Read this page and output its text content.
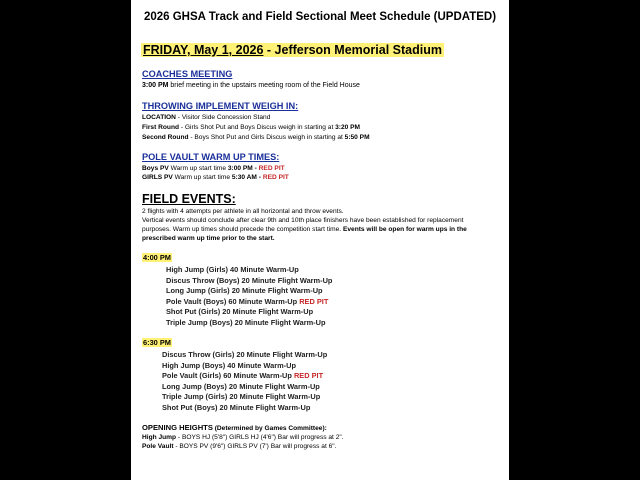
2026 GHSA Track and Field Sectional Meet Schedule (UPDATED)
FRIDAY, May 1, 2026 - Jefferson Memorial Stadium
COACHES MEETING
3:00 PM brief meeting in the upstairs meeting room of the Field House
THROWING IMPLEMENT WEIGH IN:
LOCATION - Visitor Side Concession Stand
First Round - Girls Shot Put and Boys Discus weigh in starting at 3:20 PM
Second Round - Boys Shot Put and Girls Discus weigh in starting at 5:50 PM
POLE VAULT WARM UP TIMES:
Boys PV Warm up start time 3:00 PM - RED PIT
GIRLS PV Warm up start time 5:30 AM - RED PIT
FIELD EVENTS:
2 flights with 4 attempts per athlete in all horizontal and throw events.
Vertical events should conclude after clear 9th and 10th place finishers have been established for replacement
purposes. Warm up times should precede the competition start time. Events will be open for warm ups in the
prescribed warm up time prior to the start.
4:00 PM
High Jump (Girls) 40 Minute Warm-Up
Discus Throw (Boys) 20 Minute Flight Warm-Up
Long Jump (Girls) 20 Minute Flight Warm-Up
Pole Vault (Boys) 60 Minute Warm-Up RED PIT
Shot Put (Girls) 20 Minute Flight Warm-Up
Triple Jump (Boys) 20 Minute Flight Warm-Up
6:30 PM
Discus Throw (Girls) 20 Minute Flight Warm-Up
High Jump (Boys) 40 Minute Warm-Up
Pole Vault (Girls) 60 Minute Warm-Up RED PIT
Long Jump (Boys) 20 Minute Flight Warm-Up
Triple Jump (Girls) 20 Minute Flight Warm-Up
Shot Put (Boys) 20 Minute Flight Warm-Up
OPENING HEIGHTS (Determined by Games Committee):
High Jump - BOYS HJ (5'8") GIRLS HJ (4'6") Bar will progress at 2".
Pole Vault - BOYS PV (9'6") GIRLS PV (7') Bar will progress at 6".
